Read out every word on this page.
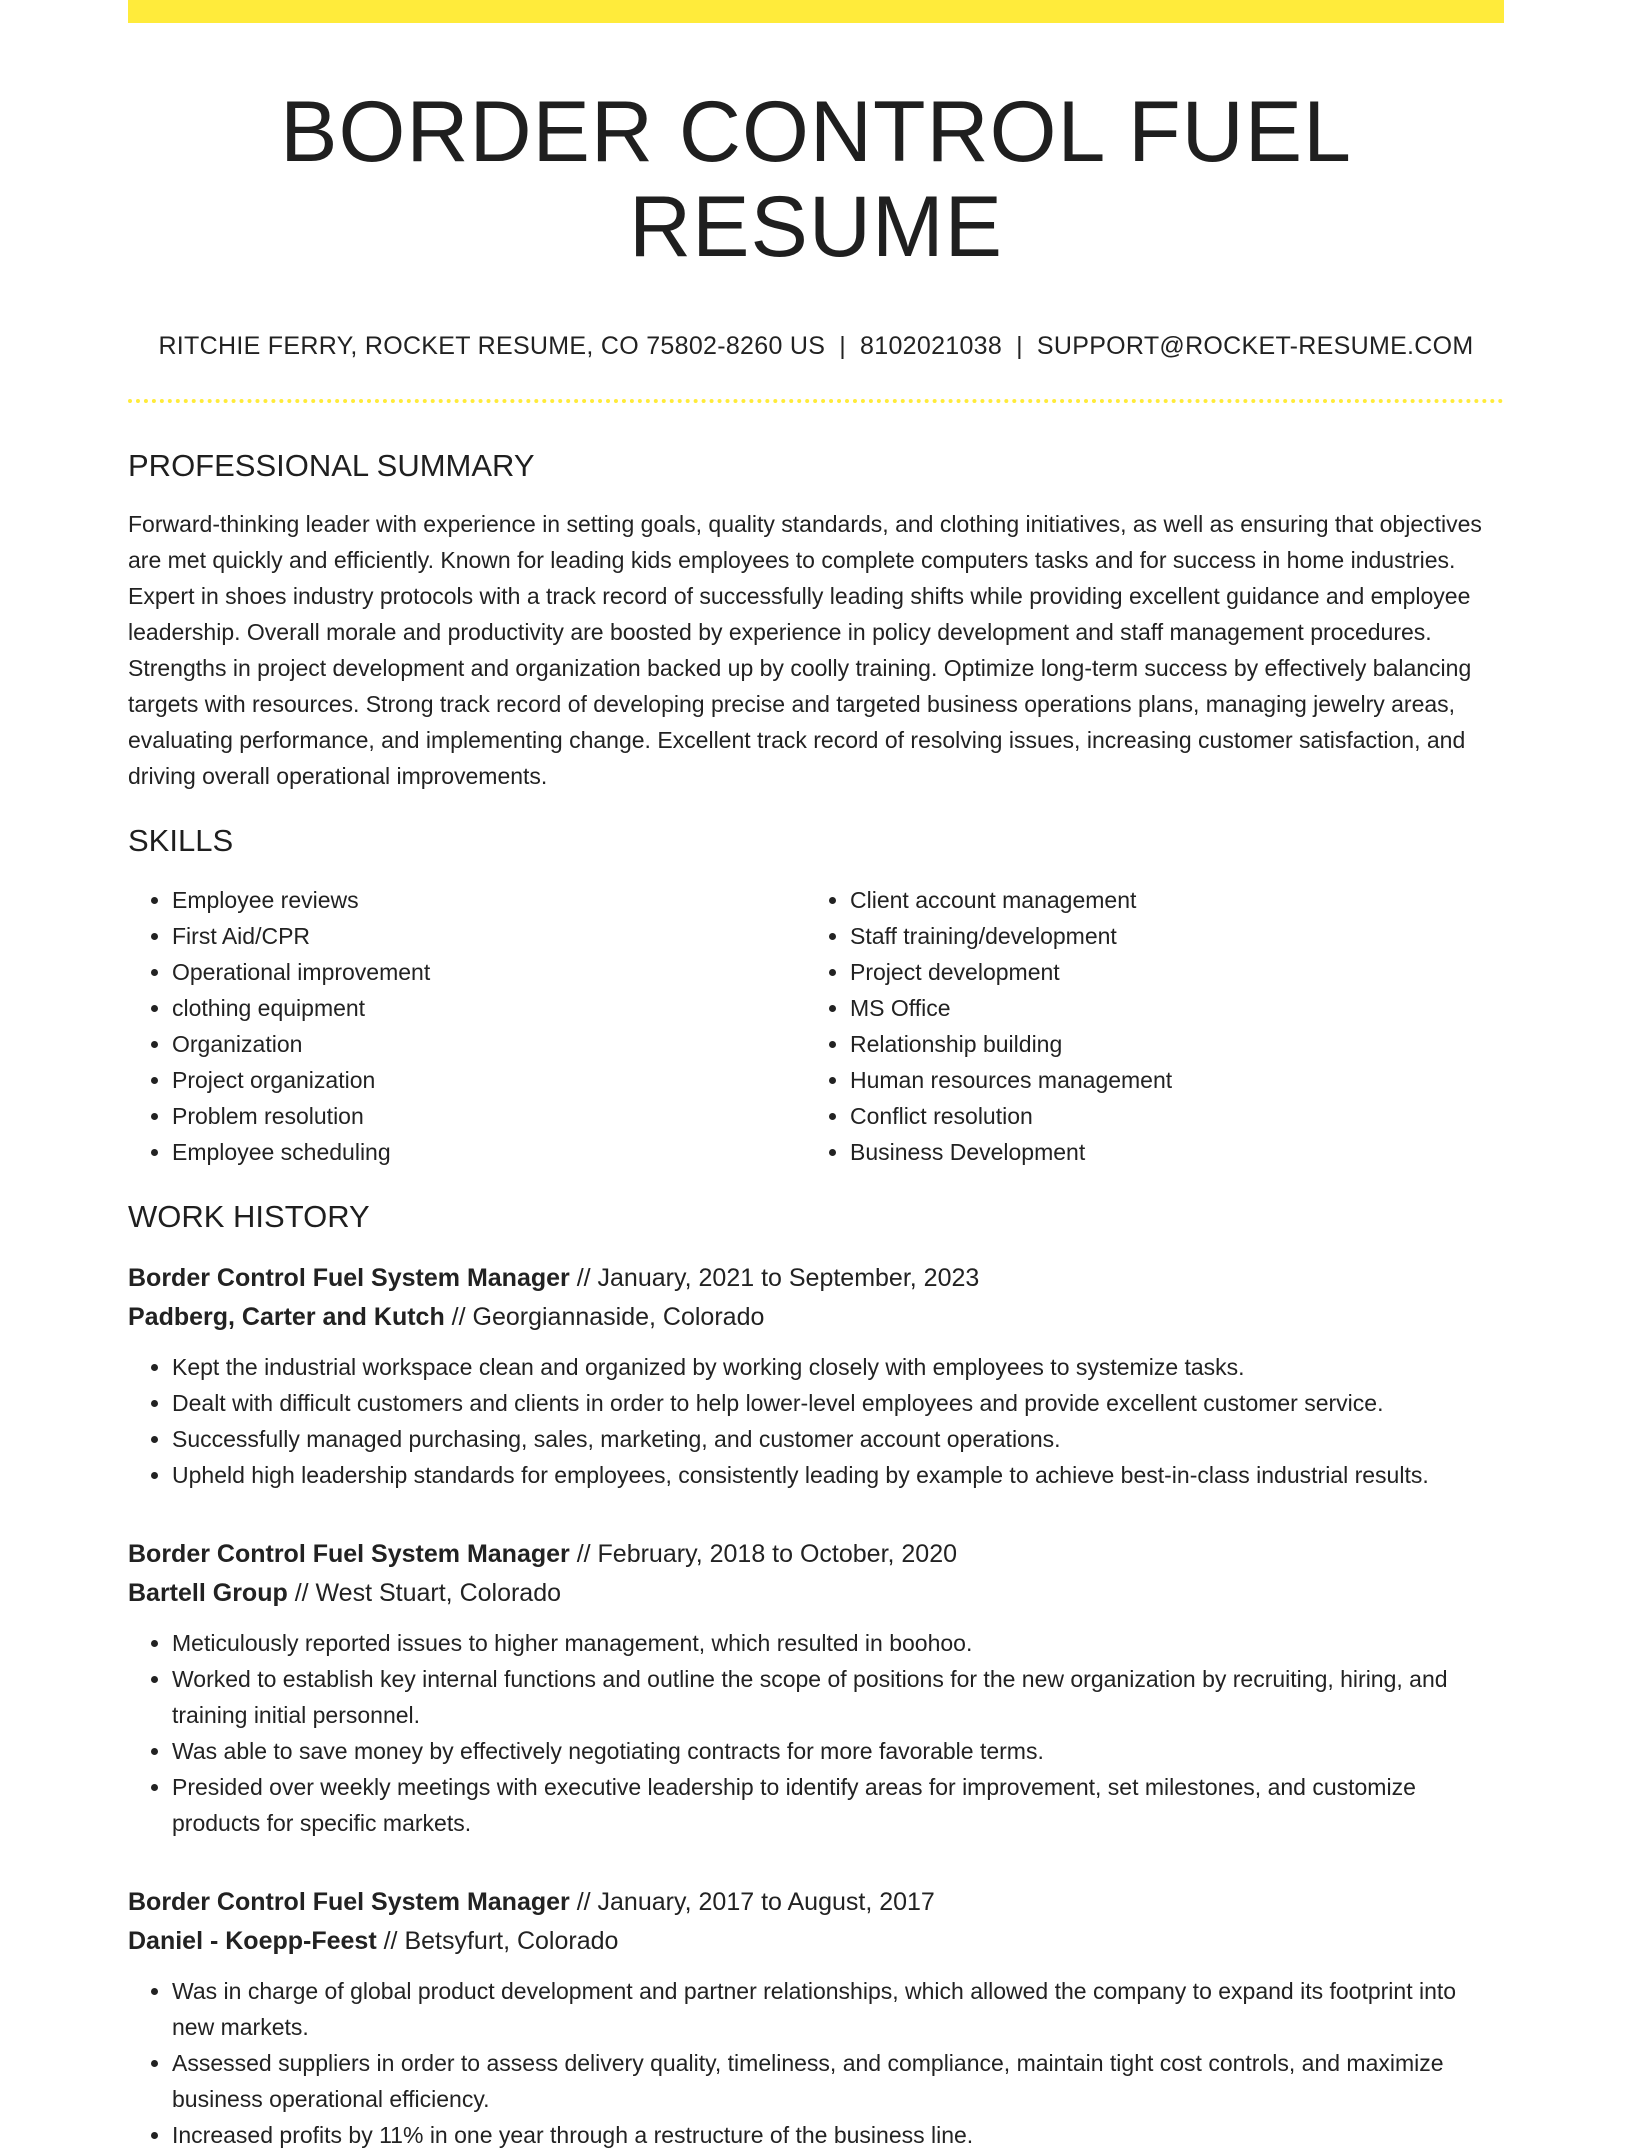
BORDER CONTROL FUEL RESUME
RITCHIE FERRY, ROCKET RESUME, CO 75802-8260 US | 8102021038 | SUPPORT@ROCKET-RESUME.COM
PROFESSIONAL SUMMARY

Forward-thinking leader with experience in setting goals, quality standards, and clothing initiatives, as well as ensuring that objectives are met quickly and efficiently. Known for leading kids employees to complete computers tasks and for success in home industries. Expert in shoes industry protocols with a track record of successfully leading shifts while providing excellent guidance and employee leadership. Overall morale and productivity are boosted by experience in policy development and staff management procedures. Strengths in project development and organization backed up by coolly training. Optimize long-term success by effectively balancing targets with resources. Strong track record of developing precise and targeted business operations plans, managing jewelry areas, evaluating performance, and implementing change. Excellent track record of resolving issues, increasing customer satisfaction, and driving overall operational improvements.

SKILLS
• Employee reviews
• First Aid/CPR
• Operational improvement
• clothing equipment
• Organization
• Project organization
• Problem resolution
• Employee scheduling
• Client account management
• Staff training/development
• Project development
• MS Office
• Relationship building
• Human resources management
• Conflict resolution
• Business Development
WORK HISTORY
Border Control Fuel System Manager // January, 2021 to September, 2023
Padberg, Carter and Kutch // Georgiannaside, Colorado
• Kept the industrial workspace clean and organized by working closely with employees to systemize tasks.
• Dealt with difficult customers and clients in order to help lower-level employees and provide excellent customer service.
• Successfully managed purchasing, sales, marketing, and customer account operations.
• Upheld high leadership standards for employees, consistently leading by example to achieve best-in-class industrial results.
Border Control Fuel System Manager // February, 2018 to October, 2020
Bartell Group // West Stuart, Colorado
• Meticulously reported issues to higher management, which resulted in boohoo.
• Worked to establish key internal functions and outline the scope of positions for the new organization by recruiting, hiring, and training initial personnel.
• Was able to save money by effectively negotiating contracts for more favorable terms.
• Presided over weekly meetings with executive leadership to identify areas for improvement, set milestones, and customize products for specific markets.
Border Control Fuel System Manager // January, 2017 to August, 2017
Daniel - Koepp-Feest // Betsyfurt, Colorado
• Was in charge of global product development and partner relationships, which allowed the company to expand its footprint into new markets.
• Assessed suppliers in order to assess delivery quality, timeliness, and compliance, maintain tight cost controls, and maximize business operational efficiency.
• Increased profits by 11% in one year through a restructure of the business line.
